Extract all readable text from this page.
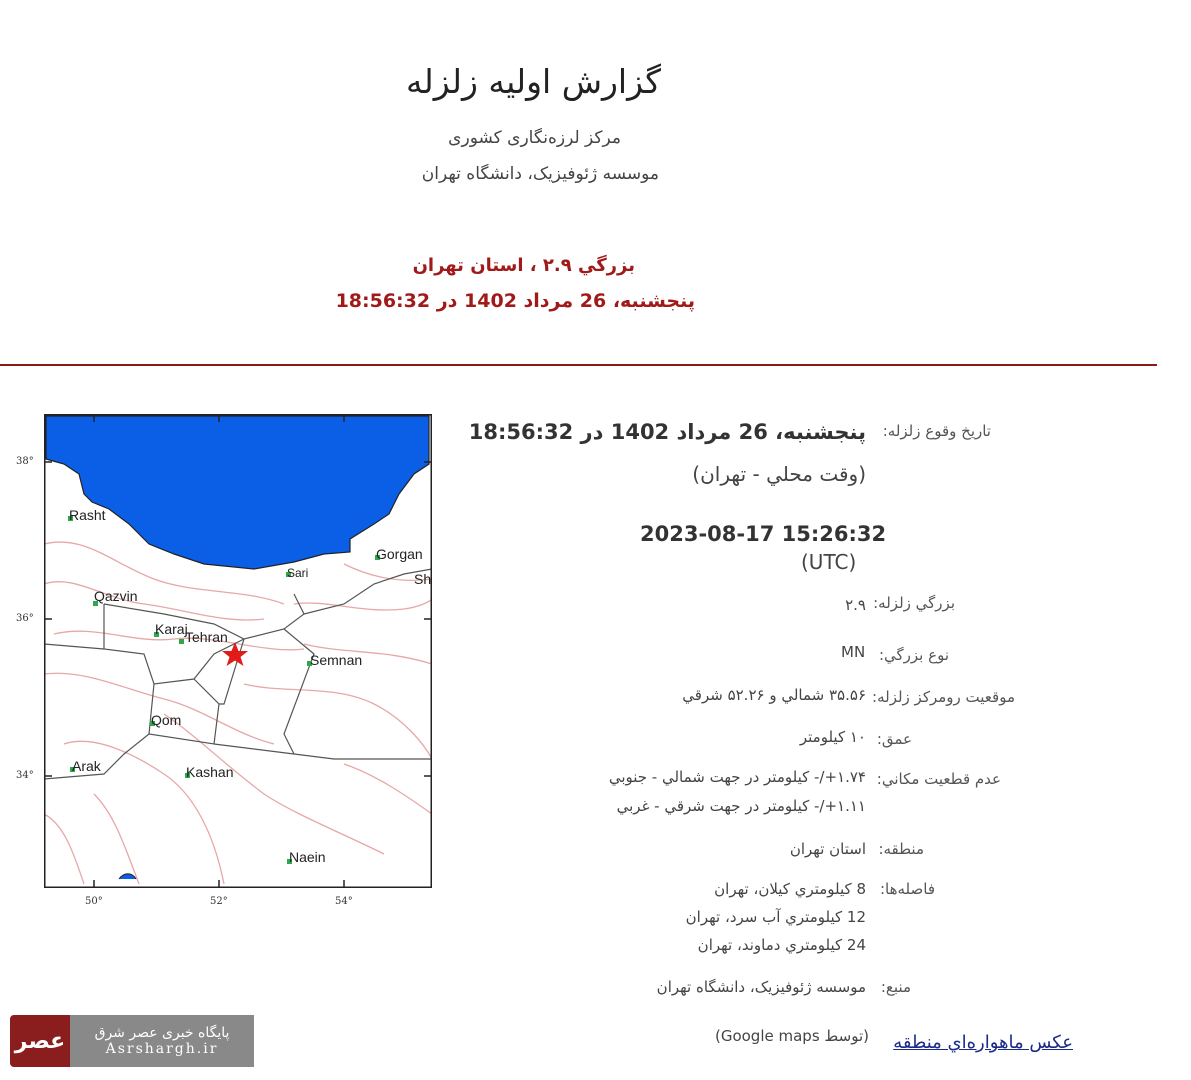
گزارش اولیه زلزله
مرکز لرزه‌نگاری کشوری
موسسه ژئوفیزیک، دانشگاه تهران
بزرگي ۲.۹ ، استان تهران
پنجشنبه، 26 مرداد 1402 در 18:56:32
Rasht
Gorgan
Sari	Sh
Qazvin
Karaj
Tehran
Semnan
Qom
Arak	Kashan
Naein
38°
36°
34°
50°	52°	54°
تاریخ وقوع زلزله:
پنجشنبه، 26 مرداد 1402 در 18:56:32
(وقت محلي - تهران)
2023-08-17 15:26:32
(UTC)
بزرگي زلزله:
۲.۹
نوع بزرگي:
MN
موقعيت رومركز زلزله:
۳۵.۵۶ شمالي و ۵۲.۲۶ شرقي
عمق:
۱۰ كيلومتر
عدم قطعيت مكاني:
۱.۷۴+/- كيلومتر در جهت شمالي - جنوبي
۱.۱۱+/- كيلومتر در جهت شرقي - غربي
منطقه:
استان تهران
فاصله‌ها:
8 كيلومتري كيلان، تهران
12 كيلومتري آب سرد، تهران
24 كيلومتري دماوند، تهران
منبع:
موسسه ژئوفيزيک، دانشگاه تهران
عكس ماهواره‌اي منطقه
(توسط Google maps)
عصر	پایگاه خبری عصر شرق
Asrshargh.ir
